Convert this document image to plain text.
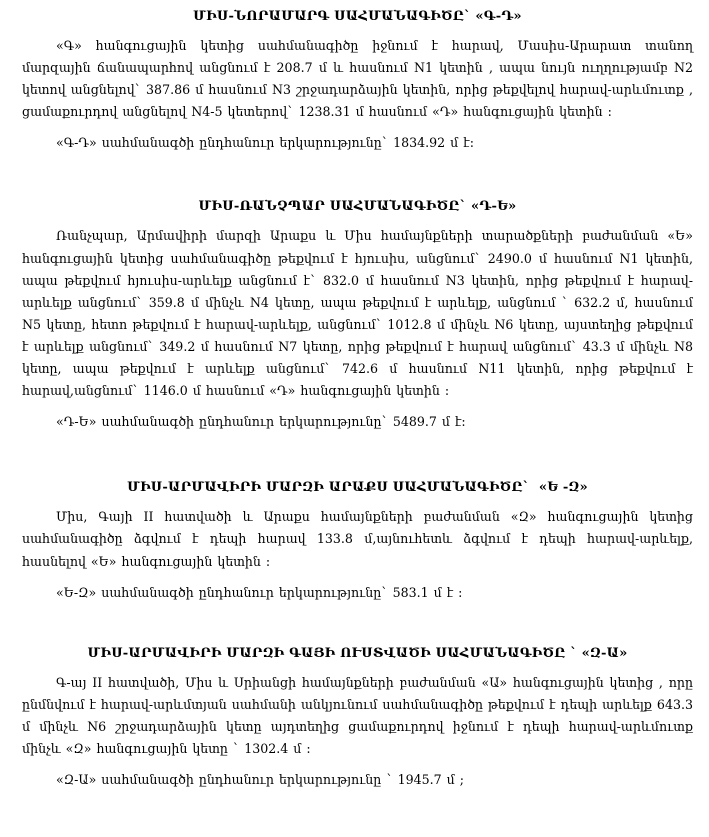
ՄԻՍ-ՆՈՐԱՄԱՐԳ ՍԱՀՄԱՆԱԳԻԾԸ` «Գ-Դ»

«Գ» հանգուցային կետից սահմանագիծը իջնում է հարավ, Մասիս-Արարատ տանող մարզային ճանապարհով անցնում է 208.7 մ և հասնում N1 կետին , ապա նույն ուղղությամբ N2 կետով անցնելով` 387.86 մ հասնում N3 շրջադարձային կետին, որից թեքվելով հարավ-արևմուտք , ցամաքուրդով անցնելով N4-5 կետերով` 1238.31 մ հասնում «Դ» հանգուցային կետին :

«Գ-Դ» սահմանագծի ընդհանուր երկարությունը` 1834.92 մ է:

ՄԻՍ-ՌԱՆՉՊԱՐ ՍԱՀՄԱՆԱԳԻԾԸ` «Դ-Ե»

Ռանչպար, Արմավիրի մարզի Արաքս և Միս համայնքների տարածքների բաժանման «Ե» հանգուցային կետից սահմանագիծը թեքվում է հյուսիս, անցնում` 2490.0 մ հասնում N1 կետին, ապա թեքվում հյուսիս-արևելք անցնում է` 832.0 մ հասնում N3 կետին, որից թեքվում է հարավ-արևելք անցնում` 359.8 մ մինչև N4 կետը, ապա թեքվում է արևելք, անցնում ` 632.2 մ, հասնում N5 կետը, հետո թեքվում է հարավ-արևելք, անցնում` 1012.8 մ մինչև N6 կետը, այստեղից թեքվում է արևելք անցնում` 349.2 մ հասնում N7 կետը, որից թեքվում է հարավ անցնում` 43.3 մ մինչև N8 կետը, ապա թեքվում է արևելք անցնում` 742.6 մ հասնում N11 կետին, որից թեքվում է հարավ,անցնում` 1146.0 մ հասնում «Դ» հանգուցային կետին :

«Դ-Ե» սահմանագծի ընդհանուր երկարությունը` 5489.7 մ է:

ՄԻՍ-ԱՐՄԱՎԻՐԻ ՄԱՐԶԻ ԱՐԱՔՍ ՍԱՀՄԱՆԱԳԻԾԸ`  «Ե -Զ»

Միս, Գայի ΙΙ հատվածի և Արաքս համայնքների բաժանման «Զ» հանգուցային կետից սահմանագիծը ձգվում է դեպի հարավ 133.8 մ,այնուհետև ձգվում է դեպի հարավ-արևելք, հասնելով «Ե» հանգուցային կետին :

«Ե-Զ» սահմանագծի ընդհանուր երկարությունը` 583.1 մ է :

ՄԻՍ-ԱՐՄԱՎԻՐԻ ՄԱՐԶԻ ԳԱՅԻ ՈՒՍՏՎԱԾԻ ՍԱՀՄԱՆԱԳԻԾԸ ` «Զ-Ա»

Գ-այ ΙΙ հատվածի, Միս և Սրիանցի համայնքների բաժանման «Ա» հանգուցային կետից , որը ընմնվում է հարավ-արևմտյան սահմանի անկյունում սահմանագիծը թեքվում է դեպի արևելք 643.3 մ մինչև N6 շրջադարձային կետը այդտեղից ցամաքուրդով իջնում է դեպի հարավ-արևմուտք մինչև «Զ» հանգուցային կետը ` 1302.4 մ :

«Զ-Ա» սահմանագծի ընդհանուր երկարությունը ` 1945.7 մ ;
